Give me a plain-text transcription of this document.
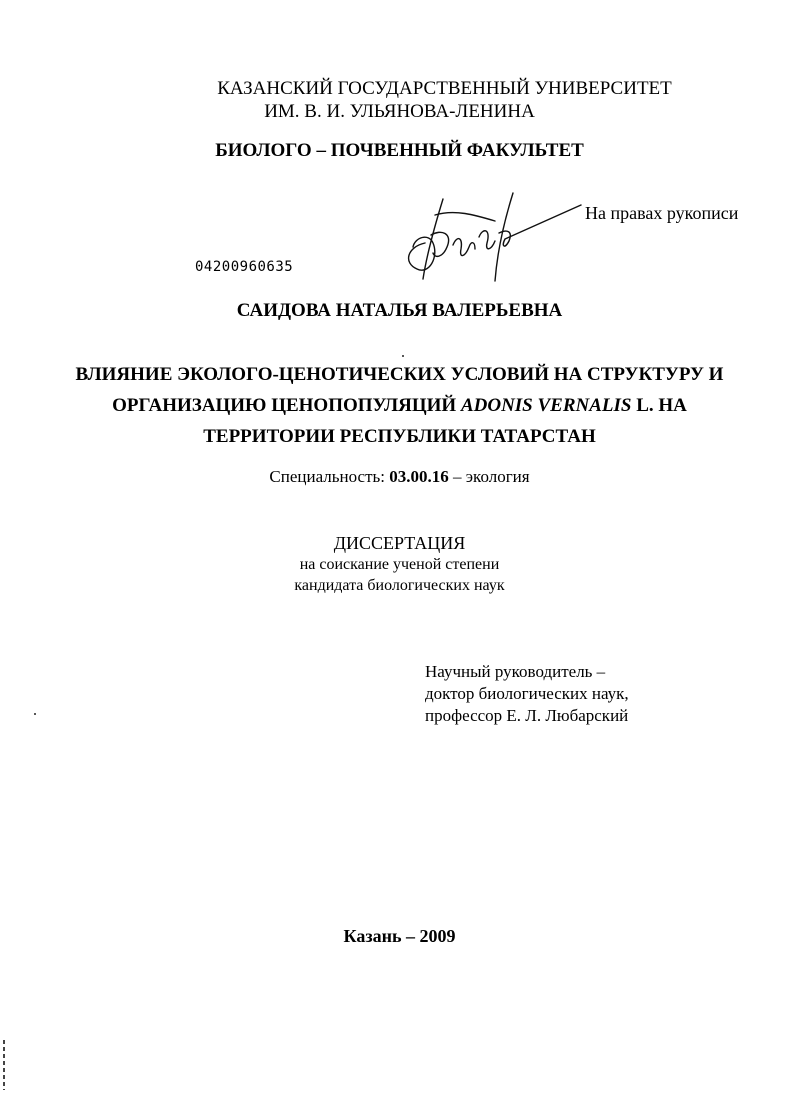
КАЗАНСКИЙ ГОСУДАРСТВЕННЫЙ УНИВЕРСИТЕТ
ИМ. В. И. УЛЬЯНОВА-ЛЕНИНА
БИОЛОГО – ПОЧВЕННЫЙ ФАКУЛЬТЕТ
На правах рукописи
04200960635
САИДОВА НАТАЛЬЯ ВАЛЕРЬЕВНА
ВЛИЯНИЕ ЭКОЛОГО-ЦЕНОТИЧЕСКИХ УСЛОВИЙ НА СТРУКТУРУ И
ОРГАНИЗАЦИЮ ЦЕНОПОПУЛЯЦИЙ ADONIS VERNALIS L. НА
ТЕРРИТОРИИ РЕСПУБЛИКИ ТАТАРСТАН
Специальность: 03.00.16 – экология
ДИССЕРТАЦИЯ
на соискание ученой степени
кандидата биологических наук
Научный руководитель –
доктор биологических наук,
профессор Е. Л. Любарский
Казань – 2009
